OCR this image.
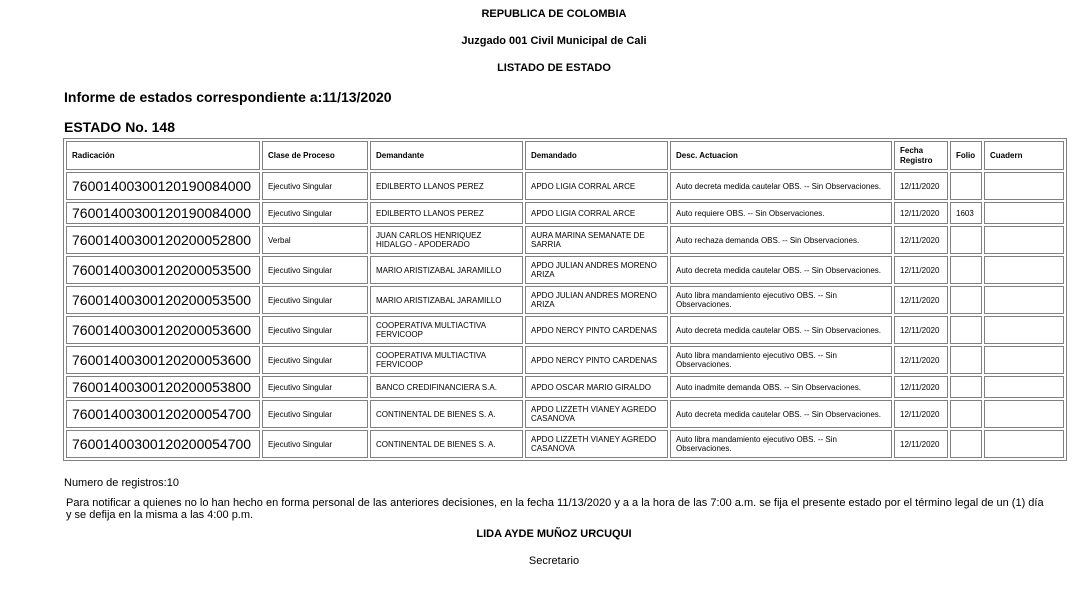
REPUBLICA DE COLOMBIA
Juzgado 001 Civil Municipal de Cali
LISTADO DE ESTADO
Informe de estados correspondiente a:11/13/2020
ESTADO No. 148
Radicación	Clase de Proceso	Demandante	Demandado	Desc. Actuacion	Fecha Registro	Folio	Cuadern
76001400300120190084000	Ejecutivo Singular	EDILBERTO LLANOS PEREZ	APDO LIGIA CORRAL ARCE	Auto decreta medida cautelar OBS. -- Sin Observaciones.	12/11/2020		
76001400300120190084000	Ejecutivo Singular	EDILBERTO LLANOS PEREZ	APDO LIGIA CORRAL ARCE	Auto requiere OBS. -- Sin Observaciones.	12/11/2020	1603	
76001400300120200052800	Verbal	JUAN CARLOS HENRIQUEZ HIDALGO - APODERADO	AURA MARINA SEMANATE DE SARRIA	Auto rechaza demanda OBS. -- Sin Observaciones.	12/11/2020		
76001400300120200053500	Ejecutivo Singular	MARIO ARISTIZABAL JARAMILLO	APDO JULIAN ANDRES MORENO ARIZA	Auto decreta medida cautelar OBS. -- Sin Observaciones.	12/11/2020		
76001400300120200053500	Ejecutivo Singular	MARIO ARISTIZABAL JARAMILLO	APDO JULIAN ANDRES MORENO ARIZA	Auto libra mandamiento ejecutivo OBS. -- Sin Observaciones.	12/11/2020		
76001400300120200053600	Ejecutivo Singular	COOPERATIVA MULTIACTIVA FERVICOOP	APDO NERCY PINTO CARDENAS	Auto decreta medida cautelar OBS. -- Sin Observaciones.	12/11/2020		
76001400300120200053600	Ejecutivo Singular	COOPERATIVA MULTIACTIVA FERVICOOP	APDO NERCY PINTO CARDENAS	Auto libra mandamiento ejecutivo OBS. -- Sin Observaciones.	12/11/2020		
76001400300120200053800	Ejecutivo Singular	BANCO CREDIFINANCIERA S.A.	APDO OSCAR MARIO GIRALDO	Auto inadmite demanda OBS. -- Sin Observaciones.	12/11/2020		
76001400300120200054700	Ejecutivo Singular	CONTINENTAL DE BIENES S. A.	APDO LIZZETH VIANEY AGREDO CASANOVA	Auto decreta medida cautelar OBS. -- Sin Observaciones.	12/11/2020		
76001400300120200054700	Ejecutivo Singular	CONTINENTAL DE BIENES S. A.	APDO LIZZETH VIANEY AGREDO CASANOVA	Auto libra mandamiento ejecutivo OBS. -- Sin Observaciones.	12/11/2020		
Numero de registros:10
Para notificar a quienes no lo han hecho en forma personal de las anteriores decisiones, en la fecha 11/13/2020 y a a la hora de las 7:00 a.m. se fija el presente estado por el término legal de un (1) día y se defija en la misma a las 4:00 p.m.
LIDA AYDE MUÑOZ URCUQUI
Secretario
